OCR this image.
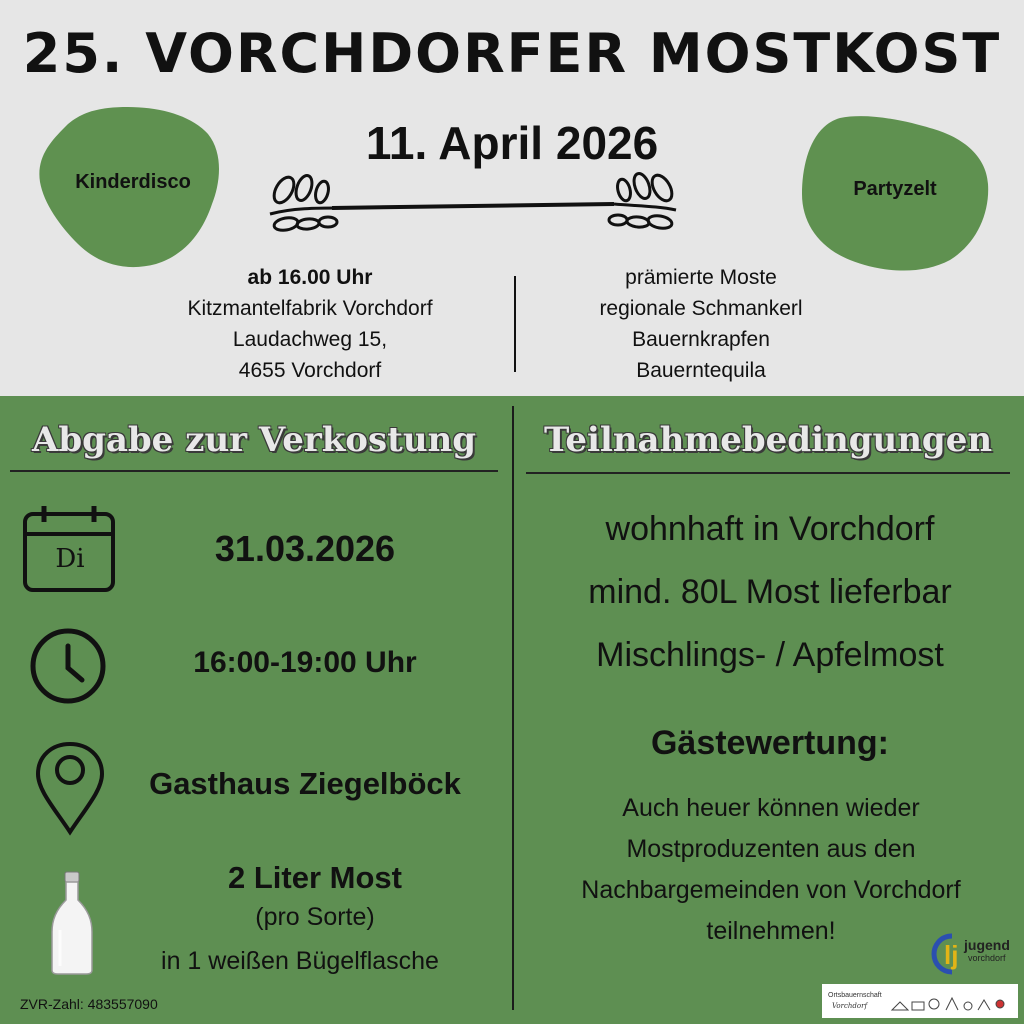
25. VORCHDORFER MOSTKOST
11. April 2026
Kinderdisco	Partyzelt
ab 16.00 Uhr
Kitzmantelfabrik Vorchdorf
Laudachweg 15,
4655 Vorchdorf
prämierte Moste
regionale Schmankerl
Bauernkrapfen
Bauerntequila
Abgabe zur Verkostung	Teilnahmebedingungen
Di	31.03.2026
16:00-19:00 Uhr
Gasthaus Ziegelböck
2 Liter Most
(pro Sorte)
in 1 weißen Bügelflasche
wohnhaft in Vorchdorf
mind. 80L Most lieferbar
Mischlings- / Apfelmost
Gästewertung:
Auch heuer können wieder Mostproduzenten aus den Nachbargemeinden von Vorchdorf teilnehmen!
ZVR-Zahl: 483557090
lj jugend
vorchdorf
Ortsbauernschaft
Vorchdorf
